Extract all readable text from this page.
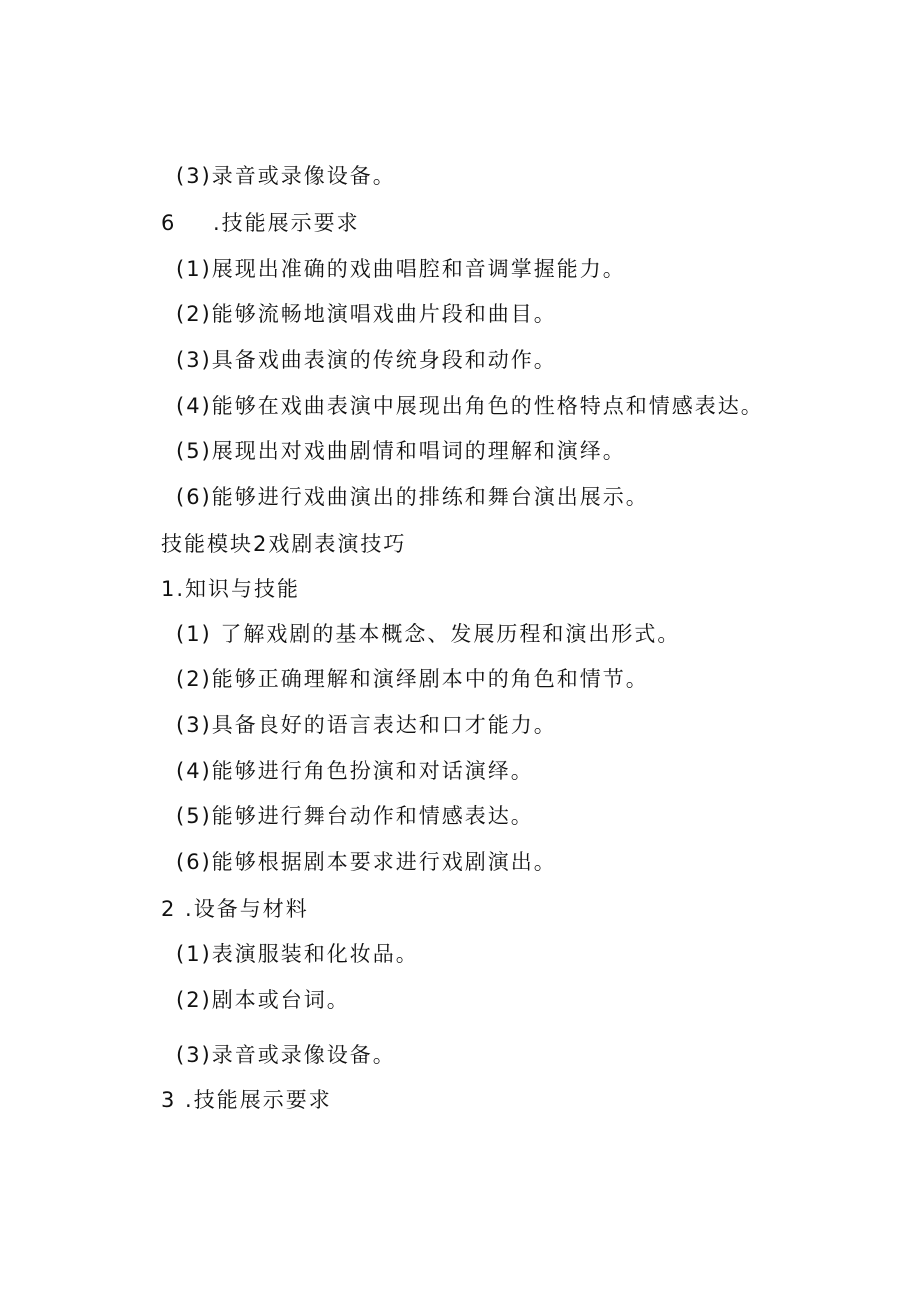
(3)录音或录像设备。
6 .技能展示要求
(1)展现出准确的戏曲唱腔和音调掌握能力。
(2)能够流畅地演唱戏曲片段和曲目。
(3)具备戏曲表演的传统身段和动作。
(4)能够在戏曲表演中展现出角色的性格特点和情感表达。
(5)展现出对戏曲剧情和唱词的理解和演绎。
(6)能够进行戏曲演出的排练和舞台演出展示。
技能模块2戏剧表演技巧
1.知识与技能
(1) 了解戏剧的基本概念、发展历程和演出形式。
(2)能够正确理解和演绎剧本中的角色和情节。
(3)具备良好的语言表达和口才能力。
(4)能够进行角色扮演和对话演绎。
(5)能够进行舞台动作和情感表达。
(6)能够根据剧本要求进行戏剧演出。
2 .设备与材料
(1)表演服装和化妆品。
(2)剧本或台词。
(3)录音或录像设备。
3 .技能展示要求
